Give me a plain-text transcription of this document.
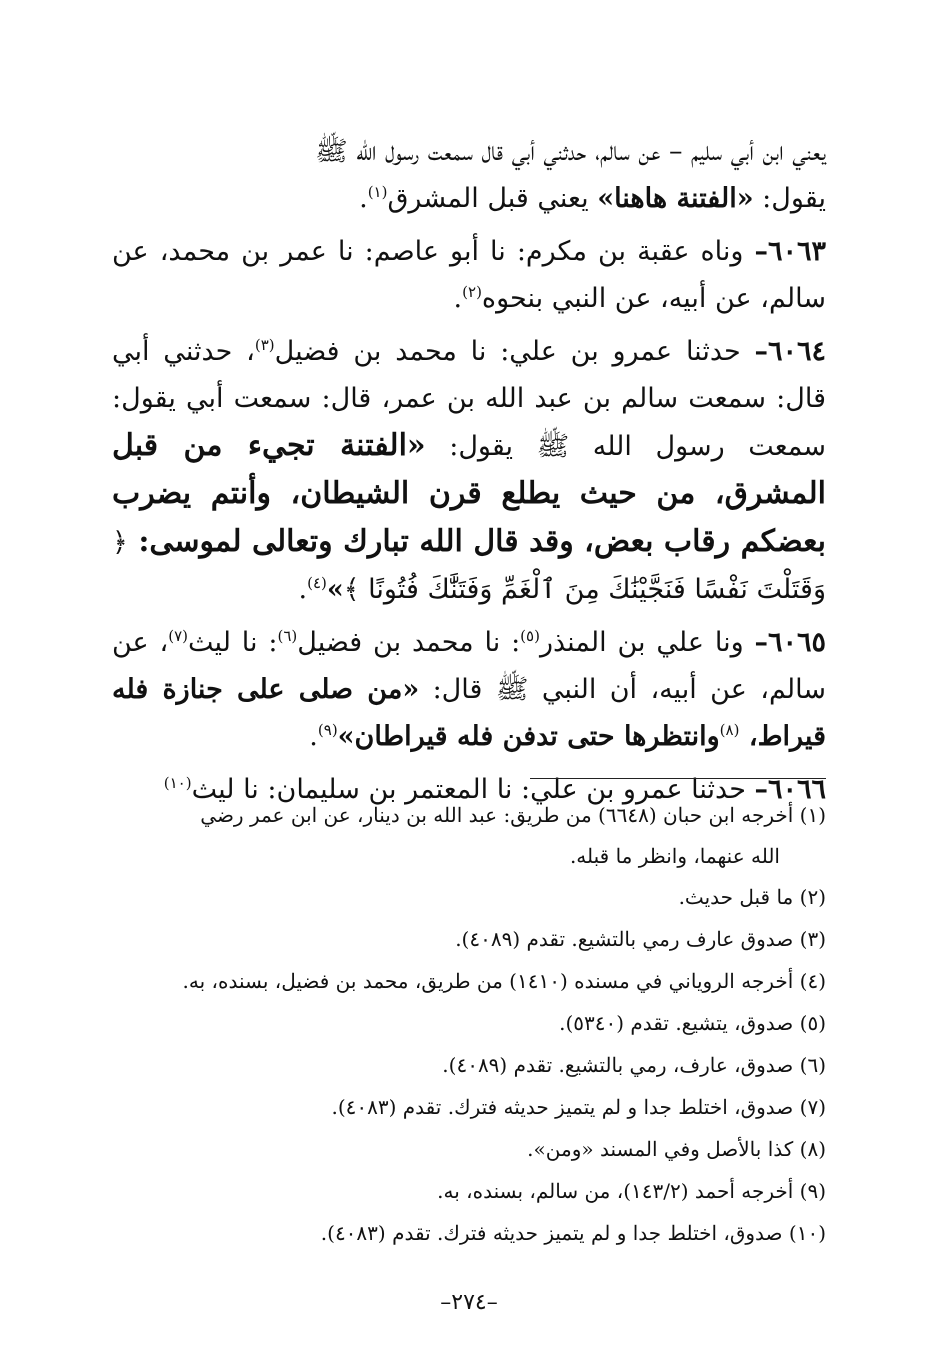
يعني ابن أبي سليم – عن سالم، حدثني أبي قال سمعت رسول الله ﷺ
يقول: «الفتنة هاهنا» يعني قبل المشرق$^{(١)}$.

٦٠٦٣– وناه عقبة بن مكرم: نا أبو عاصم: نا عمر بن محمد، عن سالم، عن أبيه، عن النبي بنحوه$^{(٢)}$.

٦٠٦٤– حدثنا عمرو بن علي: نا محمد بن فضيل$^{(٣)}$، حدثني أبي قال: سمعت سالم بن عبد الله بن عمر، قال: سمعت أبي يقول: سمعت رسول الله ﷺ يقول: «الفتنة تجيء من قبل المشرق، من حيث يطلع قرن الشيطان، وأنتم يضرب بعضكم رقاب بعض، وقد قال الله تبارك وتعالى لموسى: ﴿ وَقَتَلْتَ نَفْسًا فَنَجَّيْنَٰكَ مِنَ ٱلْغَمِّ وَفَتَنَّٰكَ فُتُونًا ﴾»$^{(٤)}$.

٦٠٦٥– ونا علي بن المنذر$^{(٥)}$: نا محمد بن فضيل$^{(٦)}$: نا ليث$^{(٧)}$، عن سالم، عن أبيه، أن النبي ﷺ قال: «من صلى على جنازة فله قيراط، $^{(٨)}$وانتظرها حتى تدفن فله قيراطان»$^{(٩)}$.

٦٠٦٦– حدثنا عمرو بن علي: نا المعتمر بن سليمان: نا ليث$^{(١٠)}$

(١) أخرجه ابن حبان (٦٦٤٨) من طريق: عبد الله بن دينار، عن ابن عمر رضي
الله عنهما، وانظر ما قبله.
(٢) ما قبل حديث.
(٣) صدوق عارف رمي بالتشيع. تقدم (٤٠٨٩).
(٤) أخرجه الروياني في مسنده (١٤١٠) من طريق، محمد بن فضيل، بسنده، به.
(٥) صدوق، يتشيع. تقدم (٥٣٤٠).
(٦) صدوق، عارف، رمي بالتشيع. تقدم (٤٠٨٩).
(٧) صدوق، اختلط جدا و لم يتميز حديثه فترك. تقدم (٤٠٨٣).
(٨) كذا بالأصل وفي المسند «ومن».
(٩) أخرجه أحمد (١٤٣/٢)، من سالم، بسنده، به.
(١٠) صدوق، اختلط جدا و لم يتميز حديثه فترك. تقدم (٤٠٨٣).
–٢٧٤–
